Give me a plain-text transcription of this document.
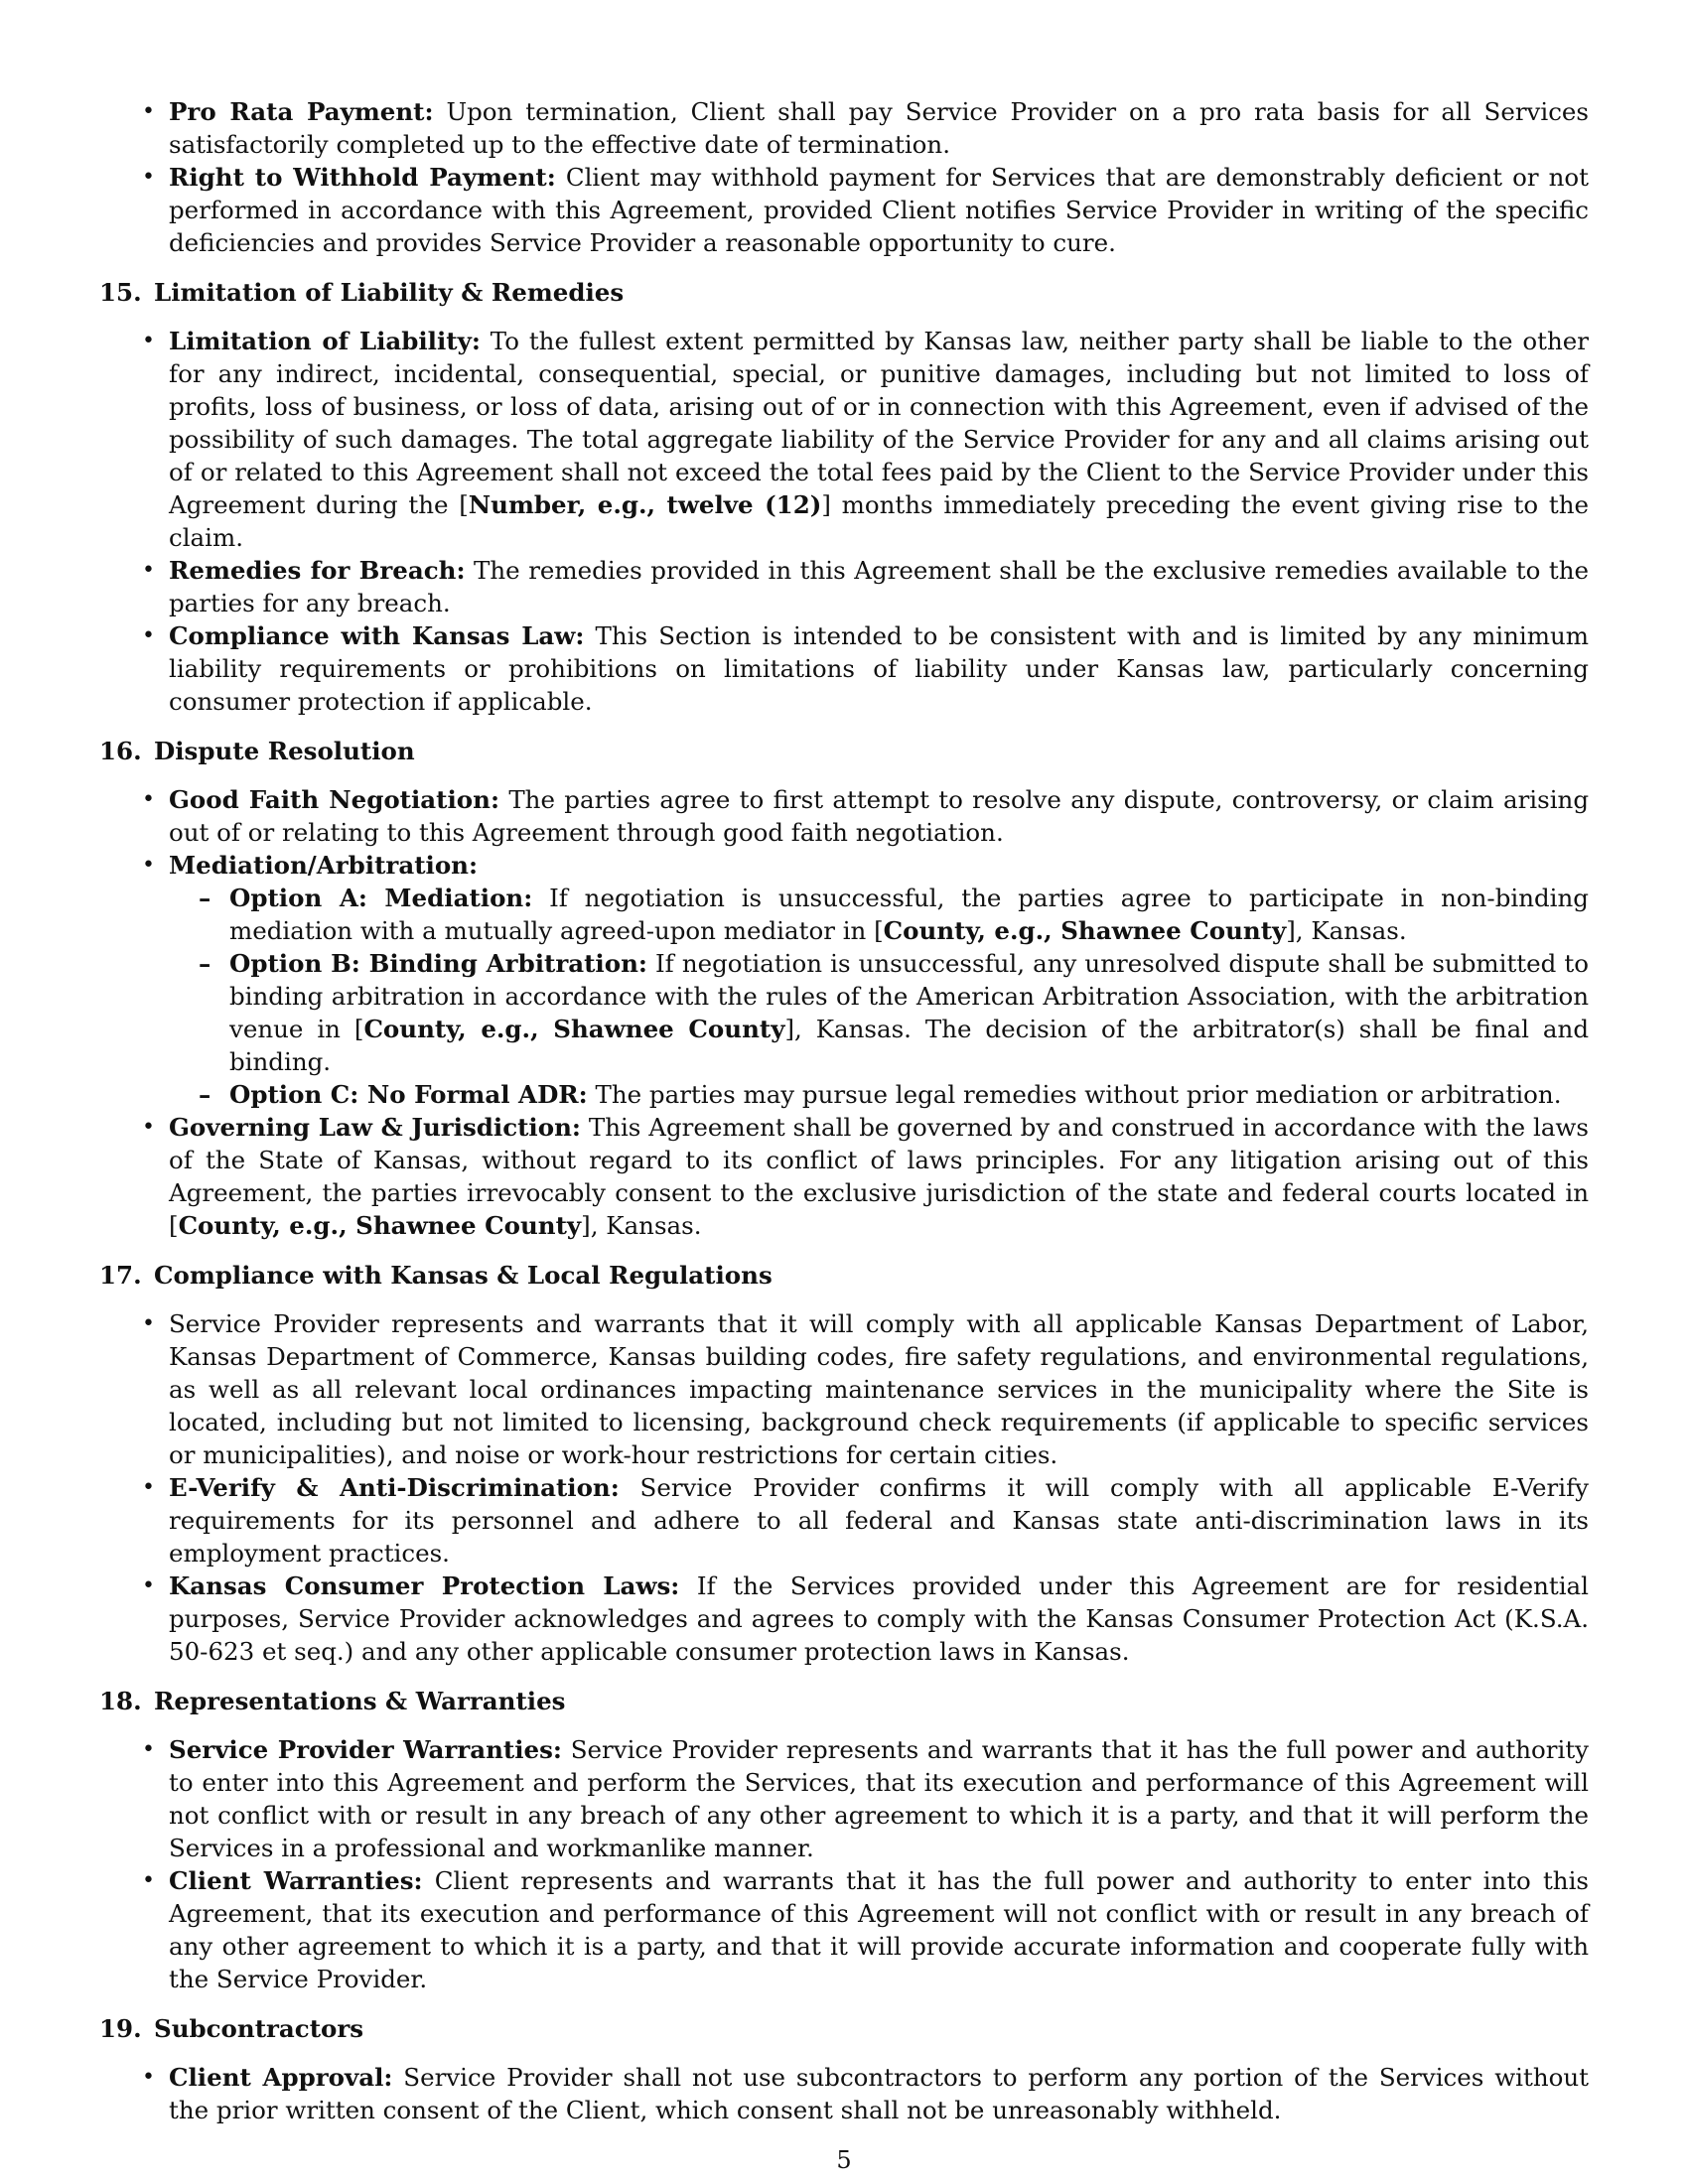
• Pro Rata Payment: Upon termination, Client shall pay Service Provider on a pro rata basis for all Services satisfactorily completed up to the effective date of termination.
• Right to Withhold Payment: Client may withhold payment for Services that are demonstrably deficient or not performed in accordance with this Agreement, provided Client notifies Service Provider in writing of the specific deficiencies and provides Service Provider a reasonable opportunity to cure.
15. Limitation of Liability & Remedies
• Limitation of Liability: To the fullest extent permitted by Kansas law, neither party shall be liable to the other for any indirect, incidental, consequential, special, or punitive damages, including but not limited to loss of profits, loss of business, or loss of data, arising out of or in connection with this Agreement, even if advised of the possibility of such damages. The total aggregate liability of the Service Provider for any and all claims arising out of or related to this Agreement shall not exceed the total fees paid by the Client to the Service Provider under this Agreement during the [Number, e.g., twelve (12)] months immediately preceding the event giving rise to the claim.
• Remedies for Breach: The remedies provided in this Agreement shall be the exclusive remedies available to the parties for any breach.
• Compliance with Kansas Law: This Section is intended to be consistent with and is limited by any minimum liability requirements or prohibitions on limitations of liability under Kansas law, particularly concerning consumer protection if applicable.
16. Dispute Resolution
• Good Faith Negotiation: The parties agree to first attempt to resolve any dispute, controversy, or claim arising out of or relating to this Agreement through good faith negotiation.
• Mediation/Arbitration:
– Option A: Mediation: If negotiation is unsuccessful, the parties agree to participate in non-binding mediation with a mutually agreed-upon mediator in [County, e.g., Shawnee County], Kansas.
– Option B: Binding Arbitration: If negotiation is unsuccessful, any unresolved dispute shall be submitted to binding arbitration in accordance with the rules of the American Arbitration Association, with the arbitration venue in [County, e.g., Shawnee County], Kansas. The decision of the arbitrator(s) shall be final and binding.
– Option C: No Formal ADR: The parties may pursue legal remedies without prior mediation or arbitration.
• Governing Law & Jurisdiction: This Agreement shall be governed by and construed in accordance with the laws of the State of Kansas, without regard to its conflict of laws principles. For any litigation arising out of this Agreement, the parties irrevocably consent to the exclusive jurisdiction of the state and federal courts located in [County, e.g., Shawnee County], Kansas.
17. Compliance with Kansas & Local Regulations
• Service Provider represents and warrants that it will comply with all applicable Kansas Department of Labor, Kansas Department of Commerce, Kansas building codes, fire safety regulations, and environmental regulations, as well as all relevant local ordinances impacting maintenance services in the municipality where the Site is located, including but not limited to licensing, background check requirements (if applicable to specific services or municipalities), and noise or work-hour restrictions for certain cities.
• E-Verify & Anti-Discrimination: Service Provider confirms it will comply with all applicable E-Verify requirements for its personnel and adhere to all federal and Kansas state anti-discrimination laws in its employment practices.
• Kansas Consumer Protection Laws: If the Services provided under this Agreement are for residential purposes, Service Provider acknowledges and agrees to comply with the Kansas Consumer Protection Act (K.S.A. 50-623 et seq.) and any other applicable consumer protection laws in Kansas.
18. Representations & Warranties
• Service Provider Warranties: Service Provider represents and warrants that it has the full power and authority to enter into this Agreement and perform the Services, that its execution and performance of this Agreement will not conflict with or result in any breach of any other agreement to which it is a party, and that it will perform the Services in a professional and workmanlike manner.
• Client Warranties: Client represents and warrants that it has the full power and authority to enter into this Agreement, that its execution and performance of this Agreement will not conflict with or result in any breach of any other agreement to which it is a party, and that it will provide accurate information and cooperate fully with the Service Provider.
19. Subcontractors
• Client Approval: Service Provider shall not use subcontractors to perform any portion of the Services without the prior written consent of the Client, which consent shall not be unreasonably withheld.
5
